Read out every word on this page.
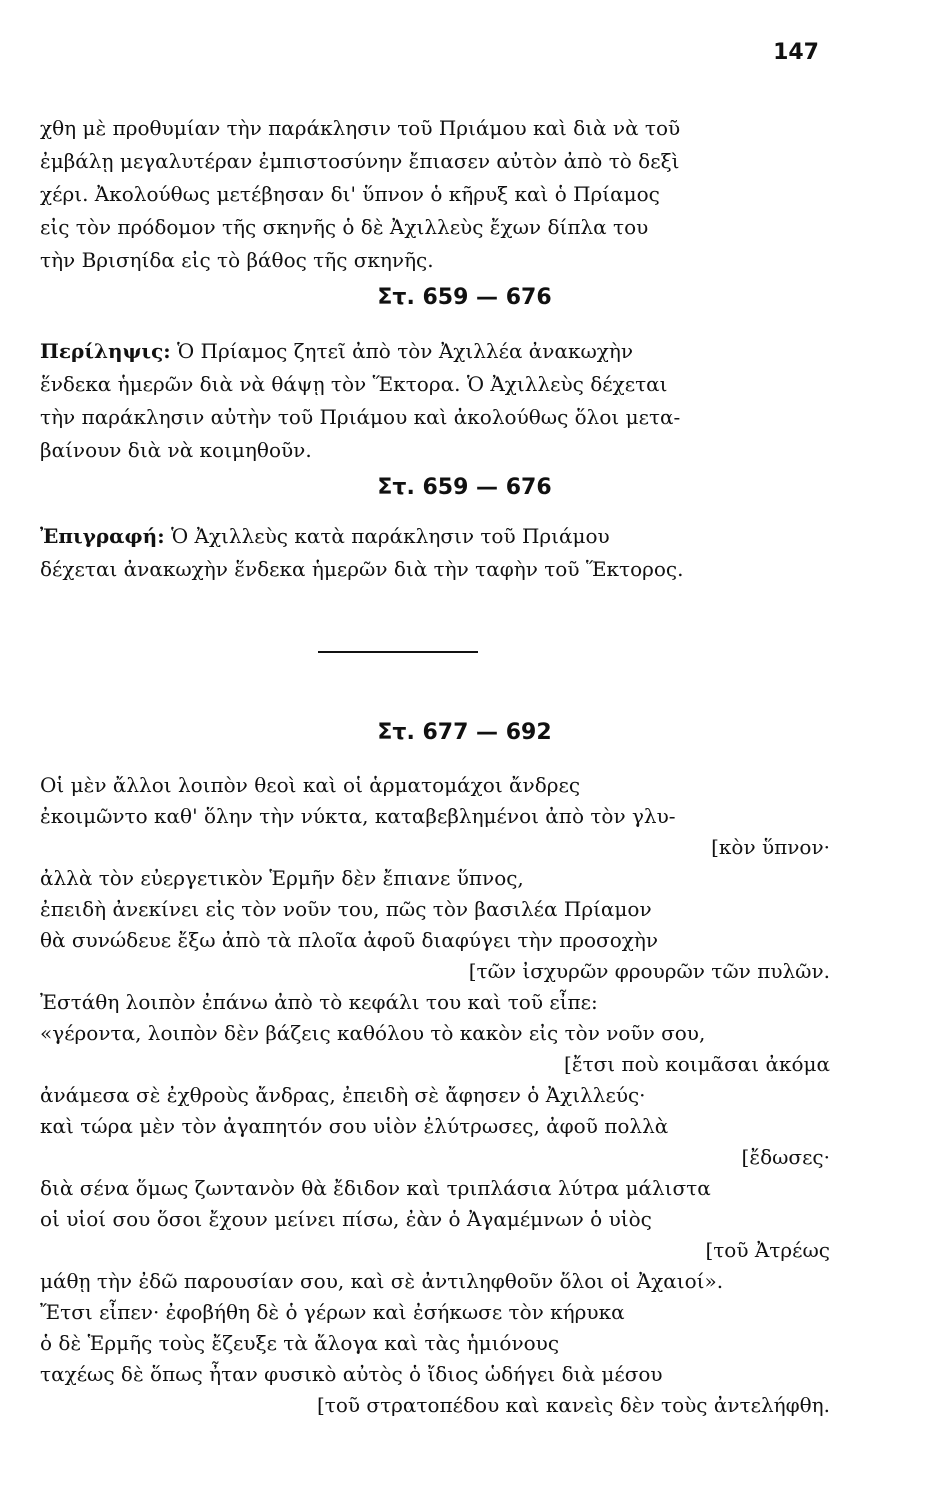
147
χθη μὲ προθυμίαν τὴν παράκλησιν τοῦ Πριάμου καὶ διὰ νὰ τοῦ
ἐμβάλῃ μεγαλυτέραν ἐμπιστοσύνην ἔπιασεν αὐτὸν ἀπὸ τὸ δεξὶ
χέρι. Ἀκολούθως μετέβησαν δι' ὕπνον ὁ κῆρυξ καὶ ὁ Πρίαμος
εἰς τὸν πρόδομον τῆς σκηνῆς ὁ δὲ Ἀχιλλεὺς ἔχων δίπλα του
τὴν Βρισηίδα εἰς τὸ βάθος τῆς σκηνῆς.
Στ. 659 — 676
Περίληψις: Ὁ Πρίαμος ζητεῖ ἀπὸ τὸν Ἀχιλλέα ἀνακωχὴν
ἕνδεκα ἡμερῶν διὰ νὰ θάψῃ τὸν Ἕκτορα. Ὁ Ἀχιλλεὺς δέχεται
τὴν παράκλησιν αὐτὴν τοῦ Πριάμου καὶ ἀκολούθως ὅλοι μετα-
βαίνουν διὰ νὰ κοιμηθοῦν.
Στ. 659 — 676
Ἐπιγραφή: Ὁ Ἀχιλλεὺς κατὰ παράκλησιν τοῦ Πριάμου
δέχεται ἀνακωχὴν ἕνδεκα ἡμερῶν διὰ τὴν ταφὴν τοῦ Ἕκτορος.
Στ. 677 — 692
Οἱ μὲν ἄλλοι λοιπὸν θεοὶ καὶ οἱ ἁρματομάχοι ἄνδρες
ἐκοιμῶντο καθ' ὅλην τὴν νύκτα, καταβεβλημένοι ἀπὸ τὸν γλυ-
[κὸν ὕπνον·
ἀλλὰ τὸν εὐεργετικὸν Ἑρμῆν δὲν ἔπιανε ὕπνος,
ἐπειδὴ ἀνεκίνει εἰς τὸν νοῦν του, πῶς τὸν βασιλέα Πρίαμον
θὰ συνώδευε ἔξω ἀπὸ τὰ πλοῖα ἀφοῦ διαφύγει τὴν προσοχὴν
[τῶν ἰσχυρῶν φρουρῶν τῶν πυλῶν.
Ἐστάθη λοιπὸν ἐπάνω ἀπὸ τὸ κεφάλι του καὶ τοῦ εἶπε:
«γέροντα, λοιπὸν δὲν βάζεις καθόλου τὸ κακὸν εἰς τὸν νοῦν σου,
[ἔτσι ποὺ κοιμᾶσαι ἀκόμα
ἀνάμεσα σὲ ἐχθροὺς ἄνδρας, ἐπειδὴ σὲ ἄφησεν ὁ Ἀχιλλεύς·
καὶ τώρα μὲν τὸν ἀγαπητόν σου υἱὸν ἐλύτρωσες, ἀφοῦ πολλὰ
[ἔδωσες·
διὰ σένα ὅμως ζωντανὸν θὰ ἔδιδον καὶ τριπλάσια λύτρα μάλιστα
οἱ υἱοί σου ὅσοι ἔχουν μείνει πίσω, ἐὰν ὁ Ἀγαμέμνων ὁ υἱὸς
[τοῦ Ἀτρέως
μάθῃ τὴν ἐδῶ παρουσίαν σου, καὶ σὲ ἀντιληφθοῦν ὅλοι οἱ Ἀχαιοί».
Ἔτσι εἶπεν· ἐφοβήθη δὲ ὁ γέρων καὶ ἐσήκωσε τὸν κήρυκα
ὁ δὲ Ἑρμῆς τοὺς ἔζευξε τὰ ἄλογα καὶ τὰς ἡμιόνους
ταχέως δὲ ὅπως ἦταν φυσικὸ αὐτὸς ὁ ἴδιος ὡδήγει διὰ μέσου
[τοῦ στρατοπέδου καὶ κανεὶς δὲν τοὺς ἀντελήφθη.
